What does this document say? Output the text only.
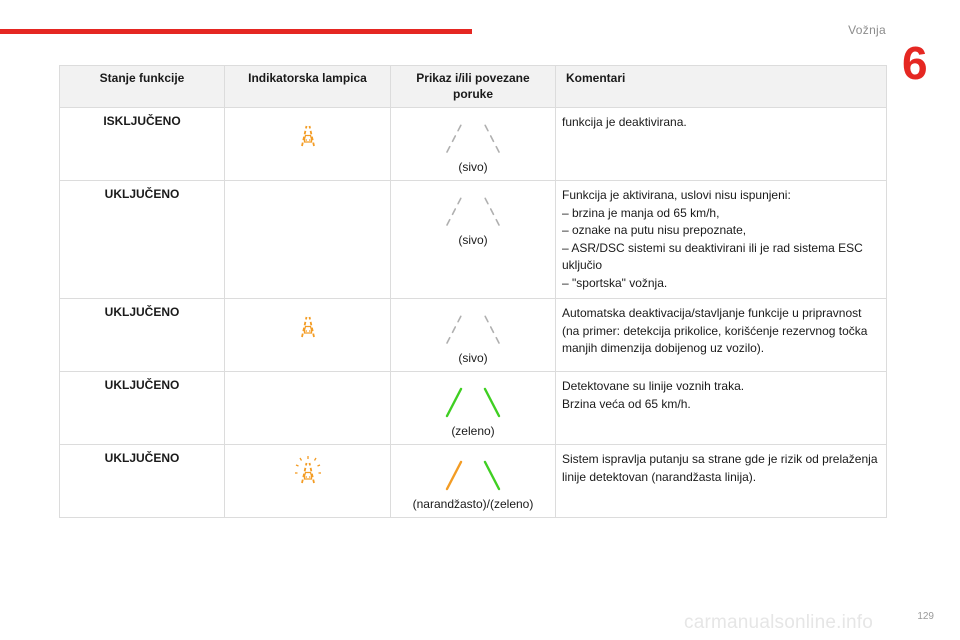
Vožnja
6
Stanje funkcije	Indikatorska lampica	Prikaz i/ili povezane poruke	Komentari
ISKLJUČENO		(sivo)	funkcija je deaktivirana.

UKLJUČENO		(sivo)	Funkcija je aktivirana, uslovi nisu ispunjeni:
– brzina je manja od 65 km/h,
– oznake na putu nisu prepoznate,
– ASR/DSC sistemi su deaktivirani ili je rad sistema ESC uključio
– "sportska" vožnja.

UKLJUČENO		(sivo)	Automatska deaktivacija/stavljanje funkcije u pripravnost (na primer: detekcija prikolice, korišćenje rezervnog točka manjih dimenzija dobijenog uz vozilo).

UKLJUČENO		(zeleno)	Detektovane su linije voznih traka.
Brzina veća od 65 km/h.

UKLJUČENO		(narandžasto)/(zeleno)	Sistem ispravlja putanju sa strane gde je rizik od prelaženja linije detektovan (narandžasta linija).
carmanualsonline.info	129
